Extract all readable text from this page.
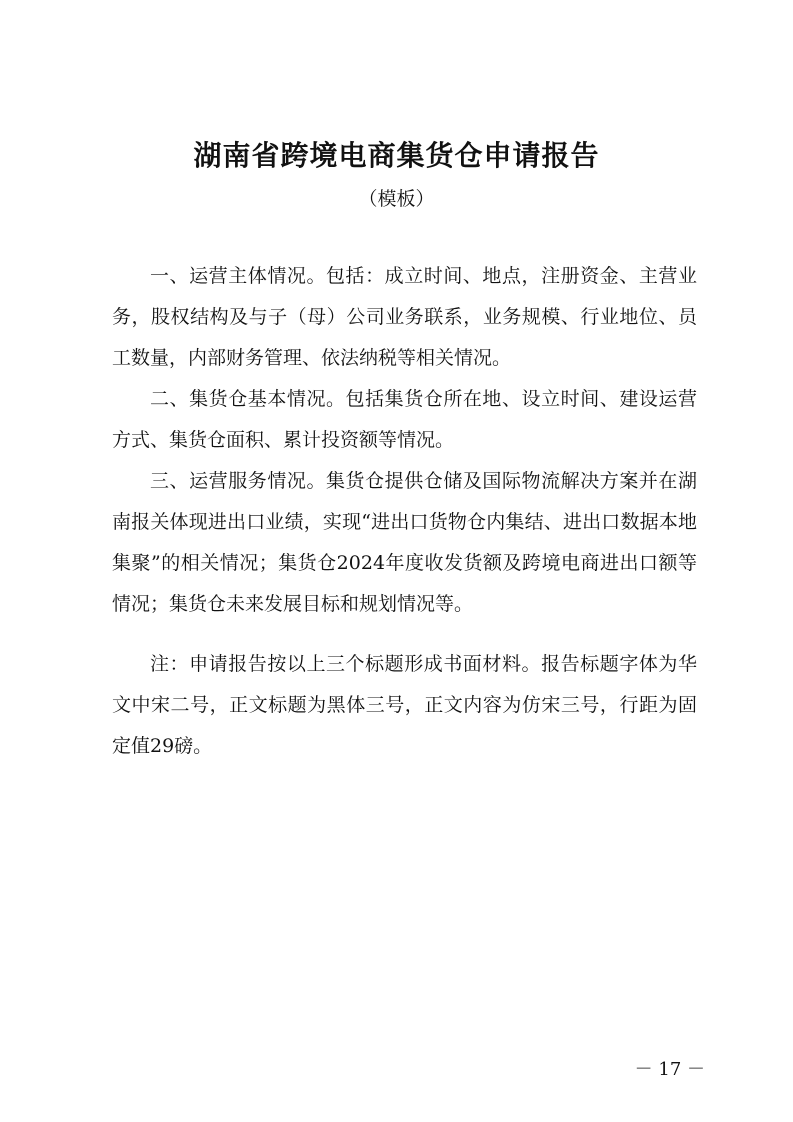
湖南省跨境电商集货仓申请报告
（模板）

一、运营主体情况。包括：成立时间、地点，注册资金、主营业务，股权结构及与子（母）公司业务联系，业务规模、行业地位、员工数量，内部财务管理、依法纳税等相关情况。

二、集货仓基本情况。包括集货仓所在地、设立时间、建设运营方式、集货仓面积、累计投资额等情况。

三、运营服务情况。集货仓提供仓储及国际物流解决方案并在湖南报关体现进出口业绩，实现“进出口货物仓内集结、进出口数据本地集聚”的相关情况；集货仓2024年度收发货额及跨境电商进出口额等情况；集货仓未来发展目标和规划情况等。

注：申请报告按以上三个标题形成书面材料。报告标题字体为华文中宋二号，正文标题为黑体三号，正文内容为仿宋三号，行距为固定值29磅。

－ 17 －
